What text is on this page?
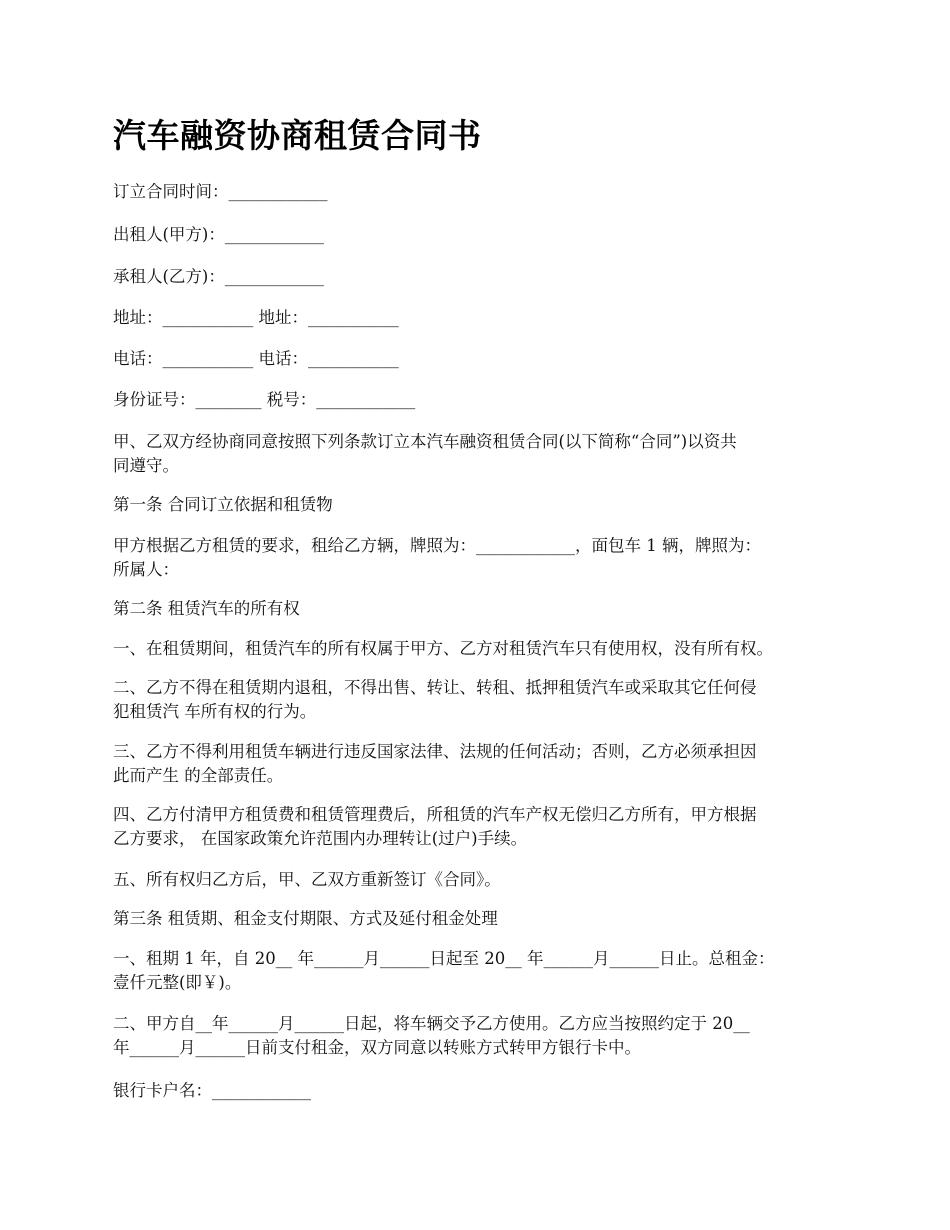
汽车融资协商租赁合同书

订立合同时间：____________

出租人(甲方)：____________

承租人(乙方)：____________

地址：___________ 地址：___________

电话：___________ 电话：___________

身份证号：________ 税号：____________

甲、乙双方经协商同意按照下列条款订立本汽车融资租赁合同(以下简称“合同”)以资共
同遵守。

第一条 合同订立依据和租赁物

甲方根据乙方租赁的要求，租给乙方辆，牌照为：____________，面包车 1 辆，牌照为：
所属人：

第二条 租赁汽车的所有权

一、在租赁期间，租赁汽车的所有权属于甲方、乙方对租赁汽车只有使用权，没有所有权。

二、乙方不得在租赁期内退租，不得出售、转让、转租、抵押租赁汽车或采取其它任何侵
犯租赁汽 车所有权的行为。
三、乙方不得利用租赁车辆进行违反国家法律、法规的任何活动；否则，乙方必须承担因
此而产生 的全部责任。
四、乙方付清甲方租赁费和租赁管理费后，所租赁的汽车产权无偿归乙方所有，甲方根据
乙方要求， 在国家政策允许范围内办理转让(过户)手续。

五、所有权归乙方后，甲、乙双方重新签订《合同》。

第三条 租赁期、租金支付期限、方式及延付租金处理

一、租期 1 年，自 20__ 年______月______日起至 20__ 年______月______日止。总租金：
壹仟元整(即￥)。
二、甲方自__年______月______日起，将车辆交予乙方使用。乙方应当按照约定于 20__
年______月______日前支付租金，双方同意以转账方式转甲方银行卡中。

银行卡户名：____________
